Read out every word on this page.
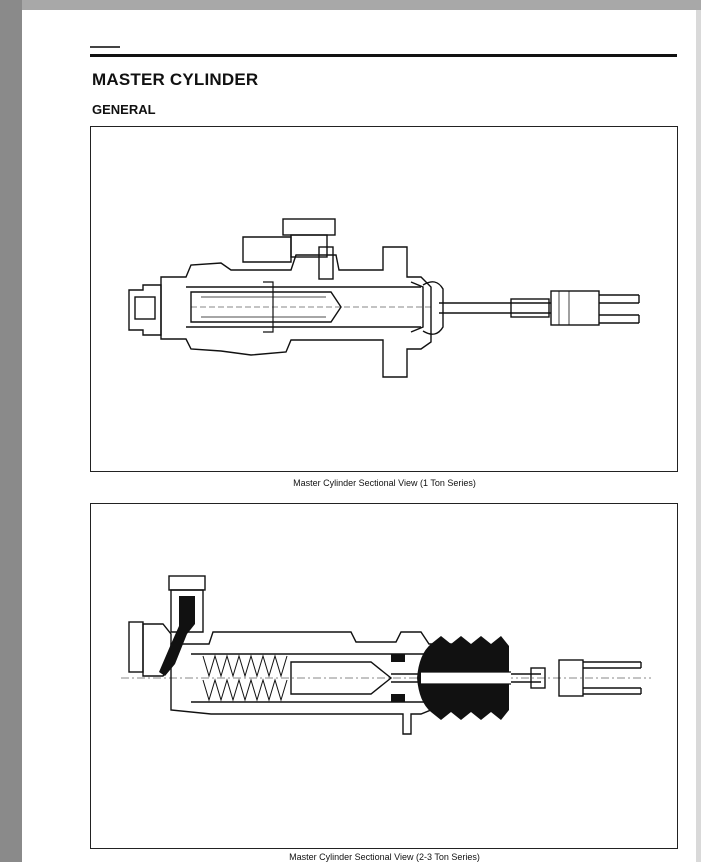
MASTER CYLINDER
GENERAL
Master Cylinder Sectional View (1 Ton Series)
Master Cylinder Sectional View (2-3 Ton Series)
